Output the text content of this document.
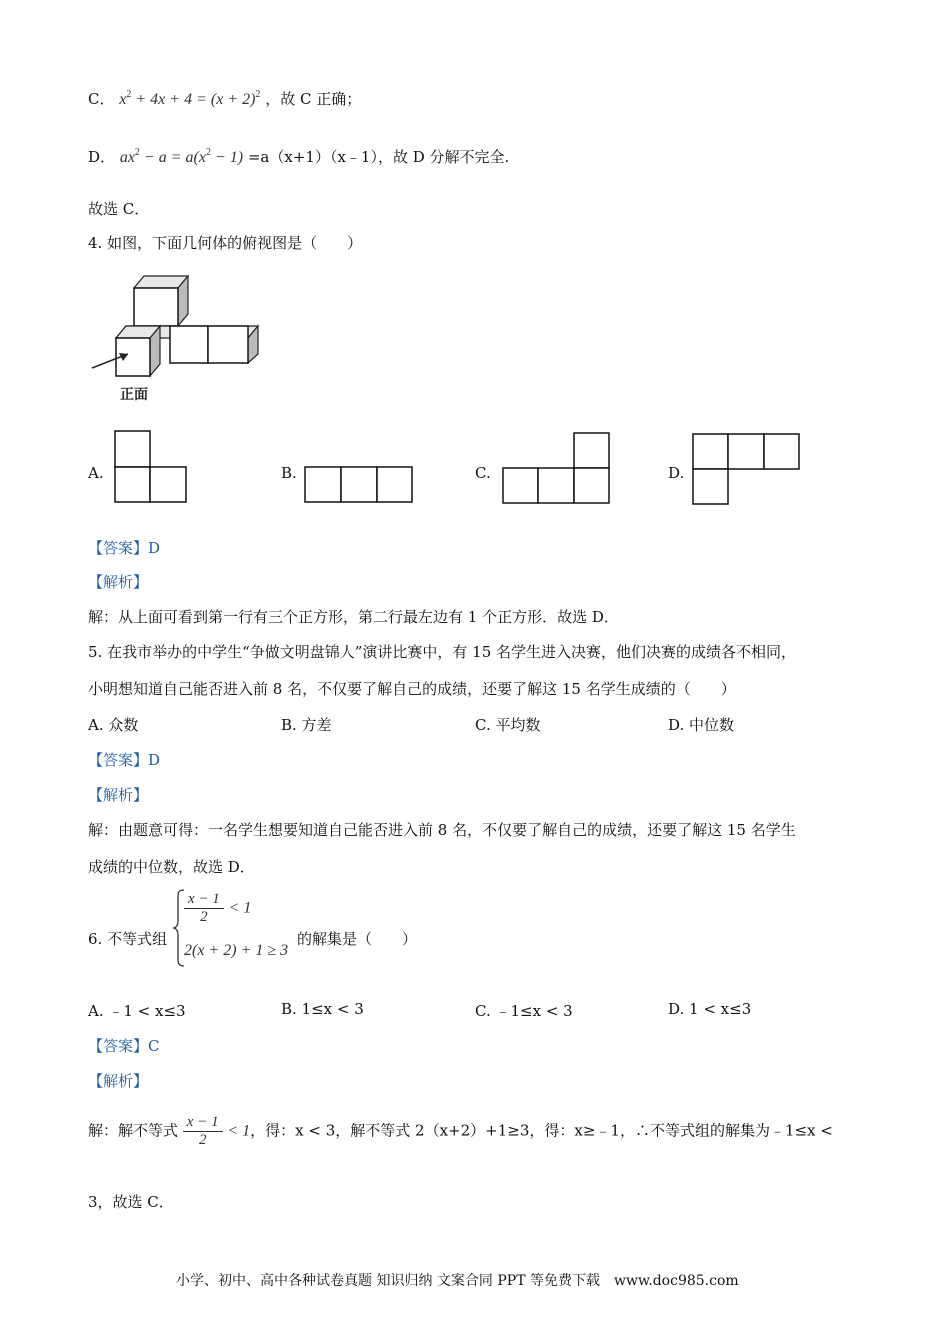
C． $x^2 + 4x + 4 = (x + 2)^2$ ，故 C 正确；
D． $ax^2 - a = a(x^2 - 1)$ =a（x+1）（x﹣1），故 D 分解不完全.
故选 C．
4. 如图，下面几何体的俯视图是（　　）
正面
A.	B.	C.	D.
【答案】D
【解析】
解：从上面可看到第一行有三个正方形，第二行最左边有 1 个正方形．故选 D．
5. 在我市举办的中学生“争做文明盘锦人”演讲比赛中，有 15 名学生进入决赛，他们决赛的成绩各不相同，
小明想知道自己能否进入前 8 名，不仅要了解自己的成绩，还要了解这 15 名学生成绩的（　　）
A. 众数	B. 方差	C. 平均数	D. 中位数
【答案】D
【解析】
解：由题意可得：一名学生想要知道自己能否进入前 8 名，不仅要了解自己的成绩，还要了解这 15 名学生
成绩的中位数，故选 D．
6. 不等式组
$\frac{x - 1}{2} < 1$
2(x + 2) + 1 ≥ 3
的解集是（　　）
A. ﹣1 < x≤3	B. 1≤x < 3	C. ﹣1≤x < 3	D. 1 < x≤3
【答案】C
【解析】
解：解不等式 $\frac{x - 1}{2} < 1$，得：x < 3，解不等式 2（x+2）+1≥3，得：x≥﹣1，∴不等式组的解集为﹣1≤x <
3，故选 C．
小学、初中、高中各种试卷真题 知识归纳 文案合同 PPT 等免费下载　www.doc985.com
